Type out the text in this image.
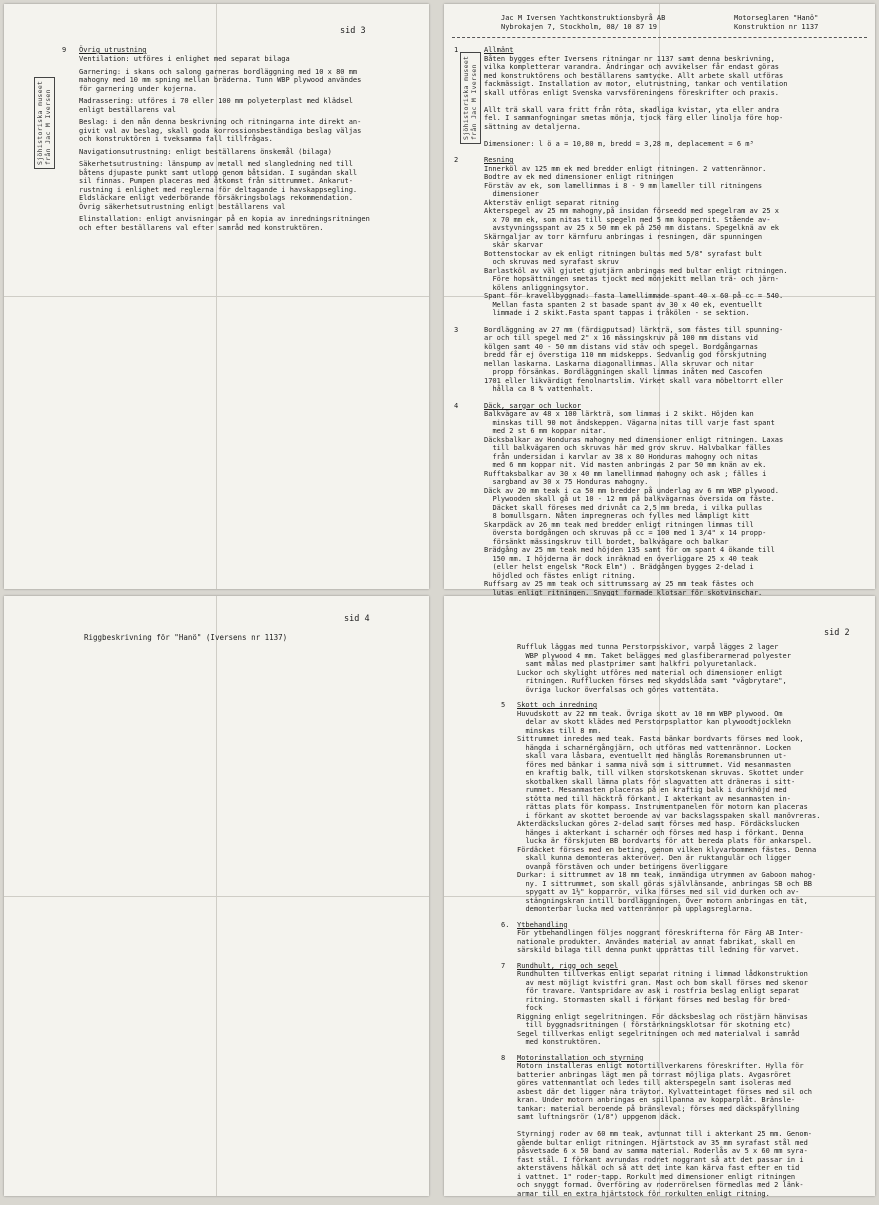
sid 3
9 Övrig utrustning
Sjöhistoriska museet
från Jac M Iversen
Ventilation: utföres i enlighet med separat bilaga
Garnering: i skans och salong garneras bordläggning med 10 x 80 mm
mahogny med 10 mm spning mellan bräderna. Tunn WBP plywood användes
för garnering under kojerna.
Madrassering: utföres i 70 eller 100 mm polyeterplast med klädsel
enligt beställarens val
Beslag: i den mån denna beskrivning och ritningarna inte direkt an-
givit val av beslag, skall goda korrossionsbeständiga beslag väljas
och konstruktören i tveksamma fall tillfrågas.
Navigationsutrustning: enligt beställarens önskemål (bilaga)
Säkerhetsutrustning: länspump av metall med slangledning ned till
båtens djupaste punkt samt utlopp genom båtsidan. I sugändan skall
sil finnas. Pumpen placeras med åtkomst från sittrummet. Ankarut-
rustning i enlighet med reglerna för deltagande i havskappsegling.
Eldsläckare enligt vederbörande försäkringsbolags rekommendation.
Övrig säkerhetsutrustning enligt beställarens val
Elinstallation: enligt anvisningar på en kopia av inredningsritningen
och efter beställarens val efter samråd med konstruktören.
Jac M Iversen Yachtkonstruktionsbyrå AB
Nybrokajen 7, Stockholm, 08/ 10 87 19
Motorseglaren "Hanö"
Konstruktion nr 1137
Sjöhistoriska museet
från Jac M Iversen
1	Allmänt
Båten bygges efter Iversens ritningar nr 1137 samt denna beskrivning,
vilka kompletterar varandra. Ändringar och avvikelser får endast göras
med konstruktörens och beställarens samtycke. Allt arbete skall utföras
fackmässigt. Installation av motor, elutrustning, tankar och ventilation
skall utföras enligt Svenska varvsföreningens föreskrifter och praxis.

Allt trä skall vara fritt från röta, skadliga kvistar, yta eller andra
fel. I sammanfogningar smetas mönja, tjock färg eller linolja före hop-
sättning av detaljerna.

Dimensioner: l ö a = 10,80 m, bredd = 3,28 m, deplacement = 6 m³
2	Resning
Innerköl av 125 mm ek med bredder enligt ritningen. 2 vattenrännor.
Bodtre av ek med dimensioner enligt ritningen
Förstäv av ek, som lamellimmas i 8 - 9 mm lameller till ritningens
dimensioner
Akterstäv enligt separat ritning
Akterspegel av 25 mm mahogny,på insidan förseedd med spegelram av 25 x
x 70 mm ek, som nitas till spegeln med 5 mm koppernit. Stående av-
avstyvningsspant av 25 x 50 mm ek på 250 mm distans. Spegelknä av ek
Skärngaljar av torr kärnfuru anbringas i resningen, där spunningen
skär skarvar
Bottenstockar av ek enligt ritningen bultas med 5/8" syrafast bult
och skruvas med syrafast skruv
Barlastköl av väl gjutet gjutjärn anbringas med bultar enligt ritningen.
Före hopsättningen smetas tjockt med mönjekitt mellan trä- och järn-
kölens anliggningsytor.
Spant för kravellbyggnad: fasta lamellimmade spant 40 x 60 på cc = 540.
Mellan fasta spanten 2 st basade spant av 30 x 40 ek, eventuellt
limmade i 2 skikt.Fasta spant tappas i tråkölen - se sektion.
3	Bordläggning av 27 mm (färdigputsad) lärkträ, som fästes till spunning-
ar och till spegel med 2" x 16 mässingskruv på 100 mm distans vid
kölgen samt 40 - 50 mm distans vid stäv och spegel. Bordgångarnas
bredd får ej överstiga 110 mm midskepps. Sedvanlig god förskjutning
mellan laskarna. Laskarna diagonallimmas. Alla skruvar och nitar
propp försänkas. Bordläggningen skall limmas inåten med Cascofen
1701 eller likvärdigt fenolnartslim. Virket skall vara möbeltorrt eller
hålla ca 8 % vattenhalt.
4	Däck, sargar och luckor
Balkvägare av 48 x 100 lärkträ, som limmas i 2 skikt. Höjden kan
minskas till 90 mot ändskeppen. Vägarna nitas till varje fast spant
med 2 st 6 mm koppar nitar.
Däcksbalkar av Honduras mahogny med dimensioner enligt ritningen. Laxas
till balkvägaren och skruvas här med grov skruv. Halvbalkar fälles
från undersidan i karvlar av 38 x 80 Honduras mahogny och nitas
med 6 mm koppar nit. Vid masten anbringas 2 par 50 mm knän av ek.
Rufftaksbalkar av 30 x 40 mm lamellimmad mahogny och ask ; fälles i
sargband av 30 x 75 Honduras mahogny.
Däck av 20 mm teak i ca 50 mm bredder på underlag av 6 mm WBP plywood.
Plywooden skall gå ut 10 - 12 mm på balkvägarnas översida om fäste.
Däcket skall föreses med drivnåt ca 2,5 mm breda, i vilka pullas
8 bomullsgarn. Nåten impregneras och fylles med lämpligt kitt
Skarpdäck av 26 mm teak med bredder enligt ritningen limmas till
översta bordgången och skruvas på cc = 100 med 1 3/4" x 14 propp-
försänkt mässingskruv till bordet, balkvägare och balkar
Brädgång av 25 mm teak med höjden 135 samt för om spant 4 ökande till
150 mm. I höjderna är dock inräknad en överliggare 25 x 40 teak
(eller helst engelsk "Rock Elm") . Brädgången bygges 2-delad i
höjdled och fästes enligt ritning.
Ruffsarg av 25 mm teak och sittrumssarg av 25 mm teak fästes och
lutas enligt ritningen. Snyggt formade klotsar för skotvinschar.
sid 4
Riggbeskrivning för "Hanö" (Iversens nr 1137)	sid 2
Ruffluk läggas med tunna Perstorpsskivor, varpå lägges 2 lager
WBP plywood 4 mm. Taket belägges med glasfiberarmerad polyester
samt målas med plastprimer samt halkfri polyuretanlack.
Luckor och skylight utföres med material och dimensioner enligt
ritningen. Rufflucken förses med skyddslåda samt "vågbrytare",
övriga luckor överfalsas och göres vattentäta.
5 Skott och inredning
Huvudskott av 22 mm teak. Övriga skott av 10 mm WBP plywood. Om
delar av skott klädes med Perstorpsplattor kan plywoodtjocklekn
minskas till 8 mm.
Sittrummet inredes med teak. Fasta bänkar bordvarts förses med look,
hängda i scharnérgångjärn, och utföras med vattenrännor. Locken
skall vara låsbara, eventuellt med hänglås Roremansbrunnen ut-
föres med bänkar i samma nivå som i sittrummet. Vid mesanmasten
en kraftig balk, till vilken storskotskenan skruvas. Skottet under
skotbalken skall lämna plats för slagvatten att dräneras i sitt-
rummet. Mesanmasten placeras på en kraftig balk i durkhöjd med
stötta med till häcktrå förkant. I akterkant av mesanmasten in-
rättas plats för kompass. Instrumentpanelen för motorn kan placeras
i förkant av skottet beroende av var backslagsspaken skall manövreras.
Akterdäcksluckan göres 2-delad samt förses med hasp. Fördäckslucken
hänges i akterkant i scharnér och förses med hasp i förkant. Denna
lucka är förskjuten BB bordvarts för att bereda plats för ankarspel.
Fördäcket förses med en beting, genom vilken klyvarbommen fästes. Denna
skall kunna demonteras akteröver. Den är ruktangulär och ligger
ovanpå förstäven och under betingens överliggare
Durkar: i sittrummet av 18 mm teak, inmändiga utrymmen av Gaboon mahog-
ny. I sittrummet, som skall göras självlänsande, anbringas SB och BB
spygatt av 1½" kopparrör, vilka förses med sil vid durken och av-
stängningskran intill bordläggningen. Över motorn anbringas en tät,
demonterbar lucka med vattenrännor på upplagsreglarna.
6. Ytbehandling
För ytbehandlingen följes noggrant föreskrifterna för Färg AB Inter-
nationale produkter. Användes material av annat fabrikat, skall en
särskild bilaga till denna punkt upprättas till ledning för varvet.
7 Rundhult, rigg och segel
Rundhulten tillverkas enligt separat ritning i limmad lådkonstruktion
av mest möjligt kvistfri gran. Mast och bom skall förses med skenor
för travare. Vantspridare av ask i rostfria beslag enligt separat
ritning. Stormasten skall i förkant förses med beslag för bred-
fock
Riggning enligt segelritningen. För däcksbeslag och röstjärn hänvisas
till byggnadsritningen ( förstärkningsklotsar för skotning etc)
Segel tillverkas enligt segelritningen och med materialval i samråd
med konstruktören.
8 Motorinstallation och styrning
Motorn installeras enligt motortillverkarens föreskrifter. Hylla för
batterier anbringas lägt men på torrast möjliga plats. Avgasröret
göres vattenmantlat och ledes till akterspegeln samt isoleras med
asbest där det ligger nära träytor. Kylvatteintaget förses med sil och
kran. Under motorn anbringas en spillpanna av kopparplåt. Bränsle-
tankar: material beroende på bränsleval; förses med däckspåfyllning
samt luftningsrör (1/8") uppgenom däck.

Styrningj roder av 60 mm teak, avtunnat till i akterkant 25 mm. Genom-
gående bultar enligt ritningen. Hjärtstock av 35 mm syrafast stål med
påsvetsade 6 x 50 band av samma material. Roderlås av 5 x 60 mm syra-
fast stål. I förkant avrundas rodret noggrant så att det passar in i
akterstävens hålkäl och så att det inte kan kärva fast efter en tid
i vattnet. 1" roder-tapp. Rorkult med dimensioner enligt ritningen
och snyggt formad. Överföring av roderrörelsen förmedlas med 2 länk-
armar till en extra hjärtstock för rorkulten enligt ritning.
